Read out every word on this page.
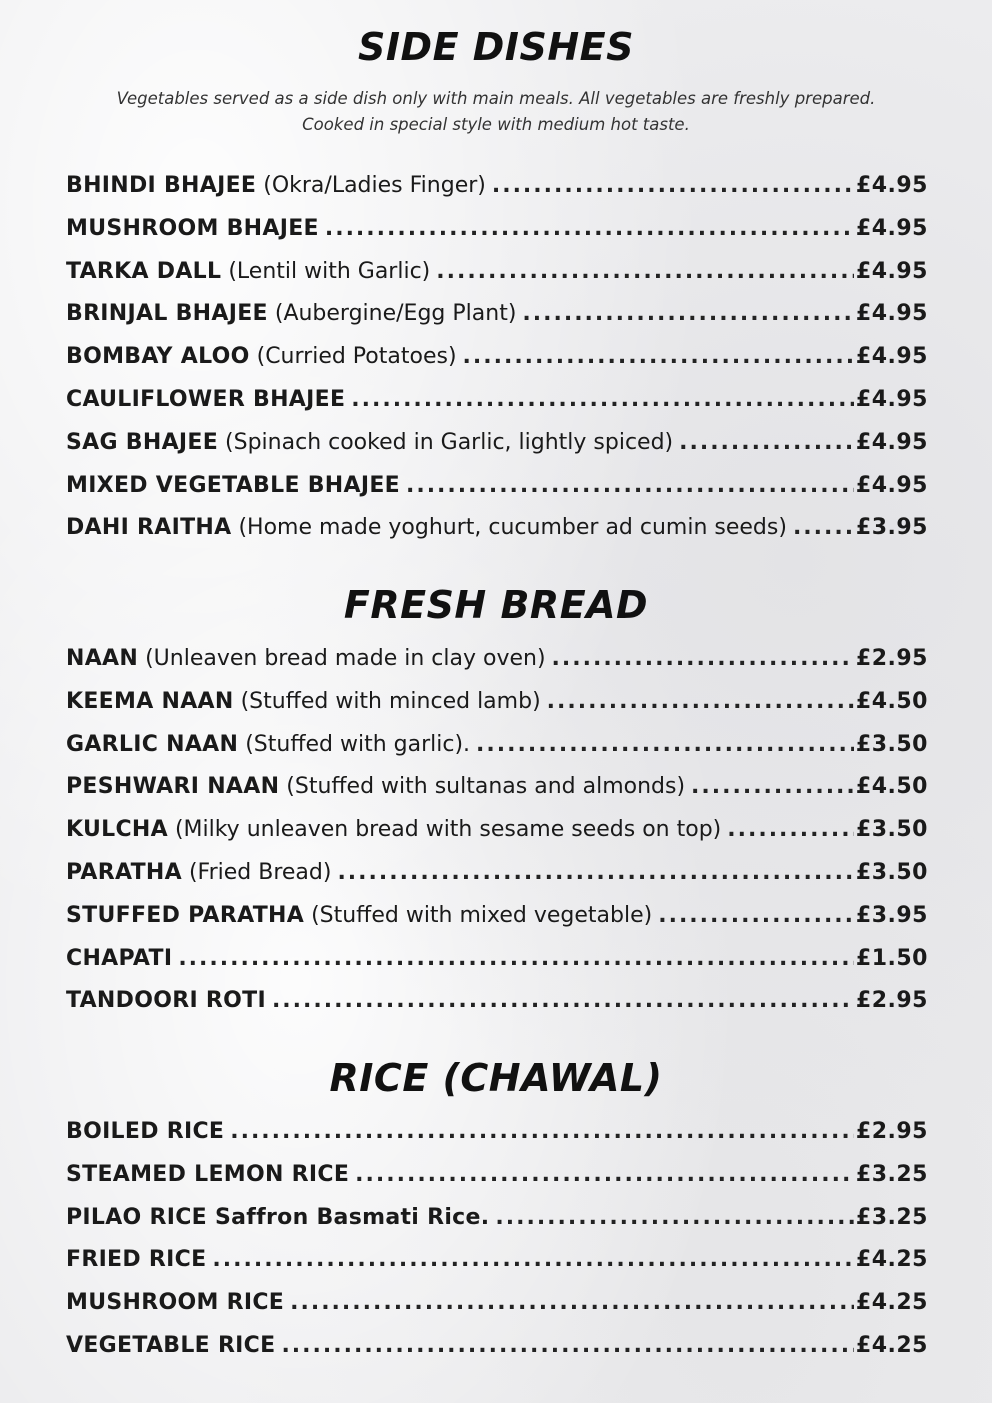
SIDE DISHES
Vegetables served as a side dish only with main meals. All vegetables are freshly prepared.
Cooked in special style with medium hot taste.
BHINDI BHAJEE (Okra/Ladies Finger) .....	£4.95
MUSHROOM BHAJEE .....	£4.95
TARKA DALL (Lentil with Garlic) .....	£4.95
BRINJAL BHAJEE (Aubergine/Egg Plant) .....	£4.95
BOMBAY ALOO (Curried Potatoes) .....	£4.95
CAULIFLOWER BHAJEE .....	£4.95
SAG BHAJEE (Spinach cooked in Garlic, lightly spiced) .....	£4.95
MIXED VEGETABLE BHAJEE .....	£4.95
DAHI RAITHA (Home made yoghurt, cucumber ad cumin seeds) .....	£3.95
FRESH BREAD
NAAN (Unleaven bread made in clay oven) .....	£2.95
KEEMA NAAN (Stuffed with minced lamb) .....	£4.50
GARLIC NAAN (Stuffed with garlic). .....	£3.50
PESHWARI NAAN (Stuffed with sultanas and almonds) .....	£4.50
KULCHA (Milky unleaven bread with sesame seeds on top) .....	£3.50
PARATHA (Fried Bread) .....	£3.50
STUFFED PARATHA (Stuffed with mixed vegetable) .....	£3.95
CHAPATI .....	£1.50
TANDOORI ROTI .....	£2.95
RICE (CHAWAL)
BOILED RICE .....	£2.95
STEAMED LEMON RICE .....	£3.25
PILAO RICE Saffron Basmati Rice. .....	£3.25
FRIED RICE .....	£4.25
MUSHROOM RICE .....	£4.25
VEGETABLE RICE .....	£4.25
